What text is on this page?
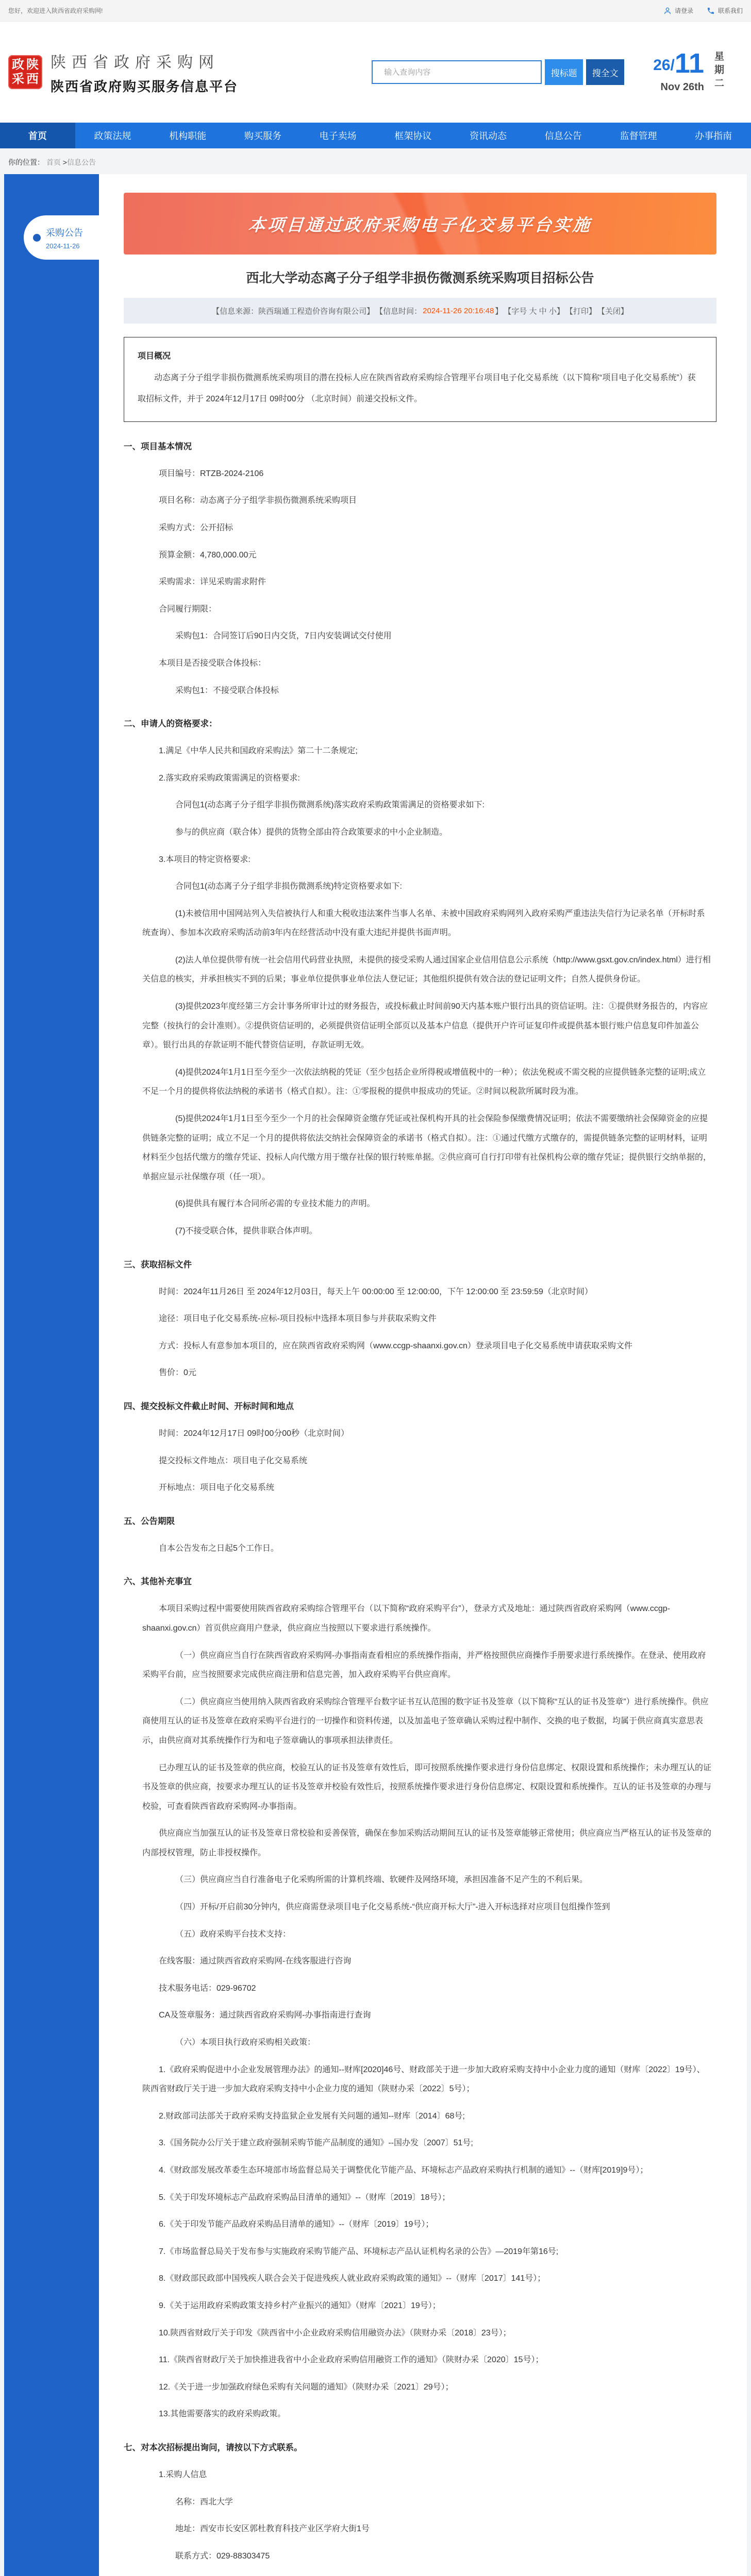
您好，欢迎进入陕西省政府采购网!	请登录	联系我们
政 陕
采 西
陕西省政府采购网
陕西省政府购买服务信息平台
输入查询内容
搜标题	搜全文	26/ 11
Nov 26th 星期二
首页	政策法规	机构职能	购买服务	电子卖场	框架协议	资讯动态	信息公告	监督管理	办事指南
你的位置： 首页 >信息公告
采购公告
2024-11-26
本项目通过政府采购电子化交易平台实施
西北大学动态离子分子组学非损伤微测系统采购项目招标公告
【信息来源：陕西瑞通工程造价咨询有限公司】 【信息时间： 2024-11-26 20:16:48 】 【字号 大 中 小】 【打印】 【关闭】
项目概况
动态离子分子组学非损伤微测系统采购项目的潜在投标人应在陕西省政府采购综合管理平台项目电子化交易系统（以下简称“项目电子化交易系统”）获取招标文件，并于 2024年12月17日 09时00分 （北京时间）前递交投标文件。
一、项目基本情况

项目编号：RTZB-2024-2106

项目名称：动态离子分子组学非损伤微测系统采购项目

采购方式：公开招标

预算金额：4,780,000.00元

采购需求：详见采购需求附件

合同履行期限：

采购包1：合同签订后90日内交货，7日内安装调试交付使用

本项目是否接受联合体投标：

采购包1：不接受联合体投标

二、申请人的资格要求：

1.满足《中华人民共和国政府采购法》第二十二条规定;

2.落实政府采购政策需满足的资格要求:

合同包1(动态离子分子组学非损伤微测系统)落实政府采购政策需满足的资格要求如下:

参与的供应商（联合体）提供的货物全部由符合政策要求的中小企业制造。

3.本项目的特定资格要求:

合同包1(动态离子分子组学非损伤微测系统)特定资格要求如下:

(1)未被信用中国网站列入失信被执行人和重大税收违法案件当事人名单、未被中国政府采购网列入政府采购严重违法失信行为记录名单（开标时系统查询）、参加本次政府采购活动前3年内在经营活动中没有重大违纪并提供书面声明。

(2)法人单位提供带有统一社会信用代码营业执照，未提供的接受采购人通过国家企业信用信息公示系统（http://www.gsxt.gov.cn/index.html）进行相关信息的核实，并承担核实不到的后果；事业单位提供事业单位法人登记证；其他组织提供有效合法的登记证明文件；自然人提供身份证。

(3)提供2023年度经第三方会计事务所审计过的财务报告，或投标截止时间前90天内基本账户银行出具的资信证明。注：①提供财务报告的，内容应完整（按执行的会计准则）。②提供资信证明的，必须提供资信证明全部页以及基本户信息（提供开户许可证复印件或提供基本银行账户信息复印件加盖公章）。银行出具的存款证明不能代替资信证明，存款证明无效。

(4)提供2024年1月1日至今至少一次依法纳税的凭证（至少包括企业所得税或增值税中的一种）；依法免税或不需交税的应提供链条完整的证明;成立不足一个月的提供将依法纳税的承诺书（格式自拟）。注：①零报税的提供申报成功的凭证。②时间以税款所属时段为准。

(5)提供2024年1月1日至今至少一个月的社会保障资金缴存凭证或社保机构开具的社会保险参保缴费情况证明；依法不需要缴纳社会保障资金的应提供链条完整的证明；成立不足一个月的提供将依法交纳社会保障资金的承诺书（格式自拟）。注：①通过代缴方式缴存的，需提供链条完整的证明材料，证明材料至少包括代缴方的缴存凭证、投标人向代缴方用于缴存社保的银行转账单据。②供应商可自行打印带有社保机构公章的缴存凭证；提供银行交纳单据的，单据应显示社保缴存项（任一项）。

(6)提供具有履行本合同所必需的专业技术能力的声明。

(7)不接受联合体，提供非联合体声明。

三、获取招标文件

时间：2024年11月26日 至 2024年12月03日，每天上午 00:00:00 至 12:00:00，下午 12:00:00 至 23:59:59（北京时间）

途径：项目电子化交易系统-应标-项目投标中选择本项目参与并获取采购文件

方式：投标人有意参加本项目的，应在陕西省政府采购网（www.ccgp-shaanxi.gov.cn）登录项目电子化交易系统申请获取采购文件

售价：0元

四、提交投标文件截止时间、开标时间和地点

时间：2024年12月17日 09时00分00秒（北京时间）

提交投标文件地点：项目电子化交易系统

开标地点：项目电子化交易系统

五、公告期限

自本公告发布之日起5个工作日。

六、其他补充事宜

本项目采购过程中需要使用陕西省政府采购综合管理平台（以下简称“政府采购平台”），登录方式及地址：通过陕西省政府采购网（www.ccgp-shaanxi.gov.cn）首页供应商用户登录，供应商应当按照以下要求进行系统操作。

（一）供应商应当自行在陕西省政府采购网-办事指南查看相应的系统操作指南，并严格按照供应商操作手册要求进行系统操作。在登录、使用政府采购平台前，应当按照要求完成供应商注册和信息完善，加入政府采购平台供应商库。

（二）供应商应当使用纳入陕西省政府采购综合管理平台数字证书互认范围的数字证书及签章（以下简称“互认的证书及签章”）进行系统操作。供应商使用互认的证书及签章在政府采购平台进行的一切操作和资料传递，以及加盖电子签章确认采购过程中制作、交换的电子数据，均属于供应商真实意思表示，由供应商对其系统操作行为和电子签章确认的事项承担法律责任。

已办理互认的证书及签章的供应商，校验互认的证书及签章有效性后，即可按照系统操作要求进行身份信息绑定、权限设置和系统操作；未办理互认的证书及签章的供应商，按要求办理互认的证书及签章并校验有效性后，按照系统操作要求进行身份信息绑定、权限设置和系统操作。互认的证书及签章的办理与校验，可查看陕西省政府采购网-办事指南。

供应商应当加强互认的证书及签章日常校验和妥善保管，确保在参加采购活动期间互认的证书及签章能够正常使用；供应商应当严格互认的证书及签章的内部授权管理，防止非授权操作。

（三）供应商应当自行准备电子化采购所需的计算机终端、软硬件及网络环境，承担因准备不足产生的不利后果。

（四）开标/开启前30分钟内，供应商需登录项目电子化交易系统-“供应商开标大厅”-进入开标选择对应项目包组操作签到

（五）政府采购平台技术支持：

在线客服：通过陕西省政府采购网-在线客服进行咨询

技术服务电话：029-96702

CA及签章服务：通过陕西省政府采购网-办事指南进行查询

（六）本项目执行政府采购相关政策：

1.《政府采购促进中小企业发展管理办法》的通知--财库[2020]46号、财政部关于进一步加大政府采购支持中小企业力度的通知（财库〔2022〕19号）、陕西省财政厅关于进一步加大政府采购支持中小企业力度的通知（陕财办采〔2022〕5号）；

2.财政部司法部关于政府采购支持监狱企业发展有关问题的通知--财库〔2014〕68号;

3.《国务院办公厅关于建立政府强制采购节能产品制度的通知》--国办发〔2007〕51号;

4.《财政部发展改革委生态环境部市场监督总局关于调整优化节能产品、环境标志产品政府采购执行机制的通知》--（财库[2019]9号）；

5.《关于印发环境标志产品政府采购品目清单的通知》--（财库〔2019〕18号）；

6.《关于印发节能产品政府采购品目清单的通知》--（财库〔2019〕19号）；

7.《市场监督总局关于发布参与实施政府采购节能产品、环境标志产品认证机构名录的公告》—2019年第16号;

8.《财政部民政部中国残疾人联合会关于促进残疾人就业政府采购政策的通知》--（财库〔2017〕141号）；

9.《关于运用政府采购政策支持乡村产业振兴的通知》（财库〔2021〕19号）；

10.陕西省财政厅关于印发《陕西省中小企业政府采购信用融资办法》（陕财办采〔2018〕23号）；

11.《陕西省财政厅关于加快推进我省中小企业政府采购信用融资工作的通知》（陕财办采〔2020〕15号）；

12.《关于进一步加强政府绿色采购有关问题的通知》（陕财办采〔2021〕29号）；

13.其他需要落实的政府采购政策。

七、对本次招标提出询问，请按以下方式联系。

1.采购人信息

名称：西北大学

地址：西安市长安区郭杜教育科技产业区学府大街1号

联系方式：029-88303475
